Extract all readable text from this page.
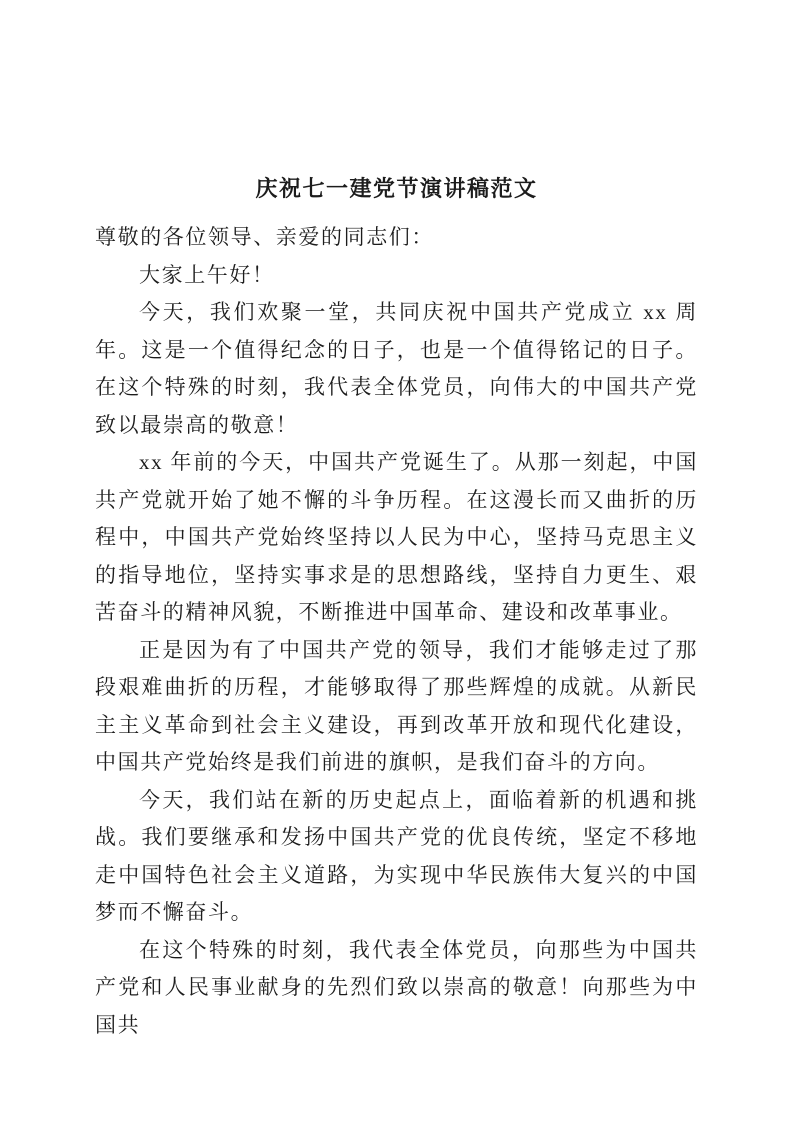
庆祝七一建党节演讲稿范文

尊敬的各位领导、亲爱的同志们：

大家上午好！

今天，我们欢聚一堂，共同庆祝中国共产党成立 xx 周年。这是一个值得纪念的日子，也是一个值得铭记的日子。在这个特殊的时刻，我代表全体党员，向伟大的中国共产党致以最崇高的敬意！

xx 年前的今天，中国共产党诞生了。从那一刻起，中国共产党就开始了她不懈的斗争历程。在这漫长而又曲折的历程中，中国共产党始终坚持以人民为中心，坚持马克思主义的指导地位，坚持实事求是的思想路线，坚持自力更生、艰苦奋斗的精神风貌，不断推进中国革命、建设和改革事业。

正是因为有了中国共产党的领导，我们才能够走过了那段艰难曲折的历程，才能够取得了那些辉煌的成就。从新民主主义革命到社会主义建设，再到改革开放和现代化建设，中国共产党始终是我们前进的旗帜，是我们奋斗的方向。

今天，我们站在新的历史起点上，面临着新的机遇和挑战。我们要继承和发扬中国共产党的优良传统，坚定不移地走中国特色社会主义道路，为实现中华民族伟大复兴的中国梦而不懈奋斗。

在这个特殊的时刻，我代表全体党员，向那些为中国共产党和人民事业献身的先烈们致以崇高的敬意！向那些为中国共
